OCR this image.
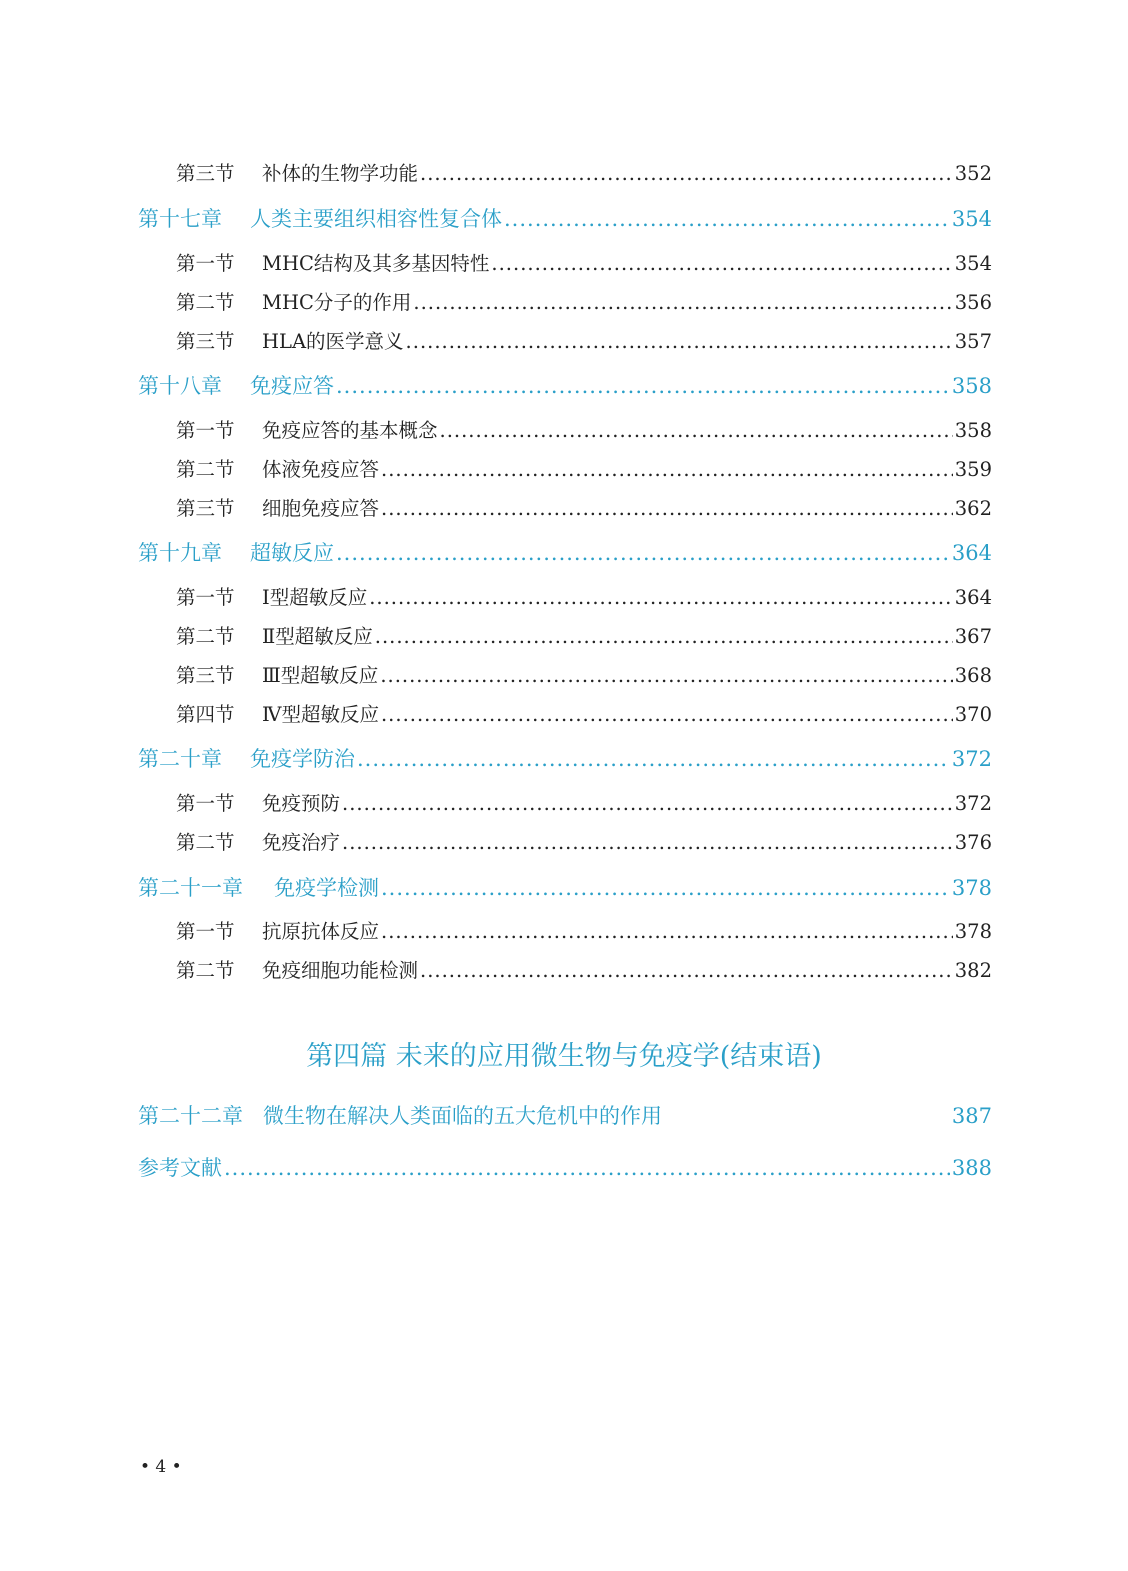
第三节 补体的生物学功能 .....	352
第十七章 人类主要组织相容性复合体 .....	354
第一节 MHC结构及其多基因特性 .....	354
第二节 MHC分子的作用 .....	356
第三节 HLA的医学意义 .....	357
第十八章 免疫应答 .....	358
第一节 免疫应答的基本概念 .....	358
第二节 体液免疫应答 .....	359
第三节 细胞免疫应答 .....	362
第十九章 超敏反应 .....	364
第一节 Ⅰ型超敏反应 .....	364
第二节 Ⅱ型超敏反应 .....	367
第三节 Ⅲ型超敏反应 .....	368
第四节 Ⅳ型超敏反应 .....	370
第二十章 免疫学防治 .....	372
第一节 免疫预防 .....	372
第二节 免疫治疗 .....	376
第二十一章 免疫学检测 .....	378
第一节 抗原抗体反应 .....	378
第二节 免疫细胞功能检测 .....	382
第二十二章 微生物在解决人类面临的五大危机中的作用	387
参考文献 .....	388
第四篇 未来的应用微生物与免疫学(结束语)
• 4 •
